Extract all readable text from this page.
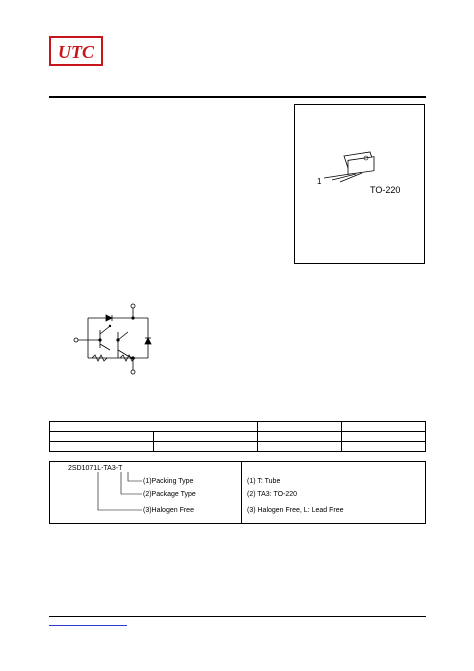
UTC
1
TO-220
2SD1071L-TA3-T
(1)Packing Type
(2)Package Type
(3)Halogen Free
(1) T: Tube
(2) TA3: TO-220
(3) Halogen Free, L: Lead Free
